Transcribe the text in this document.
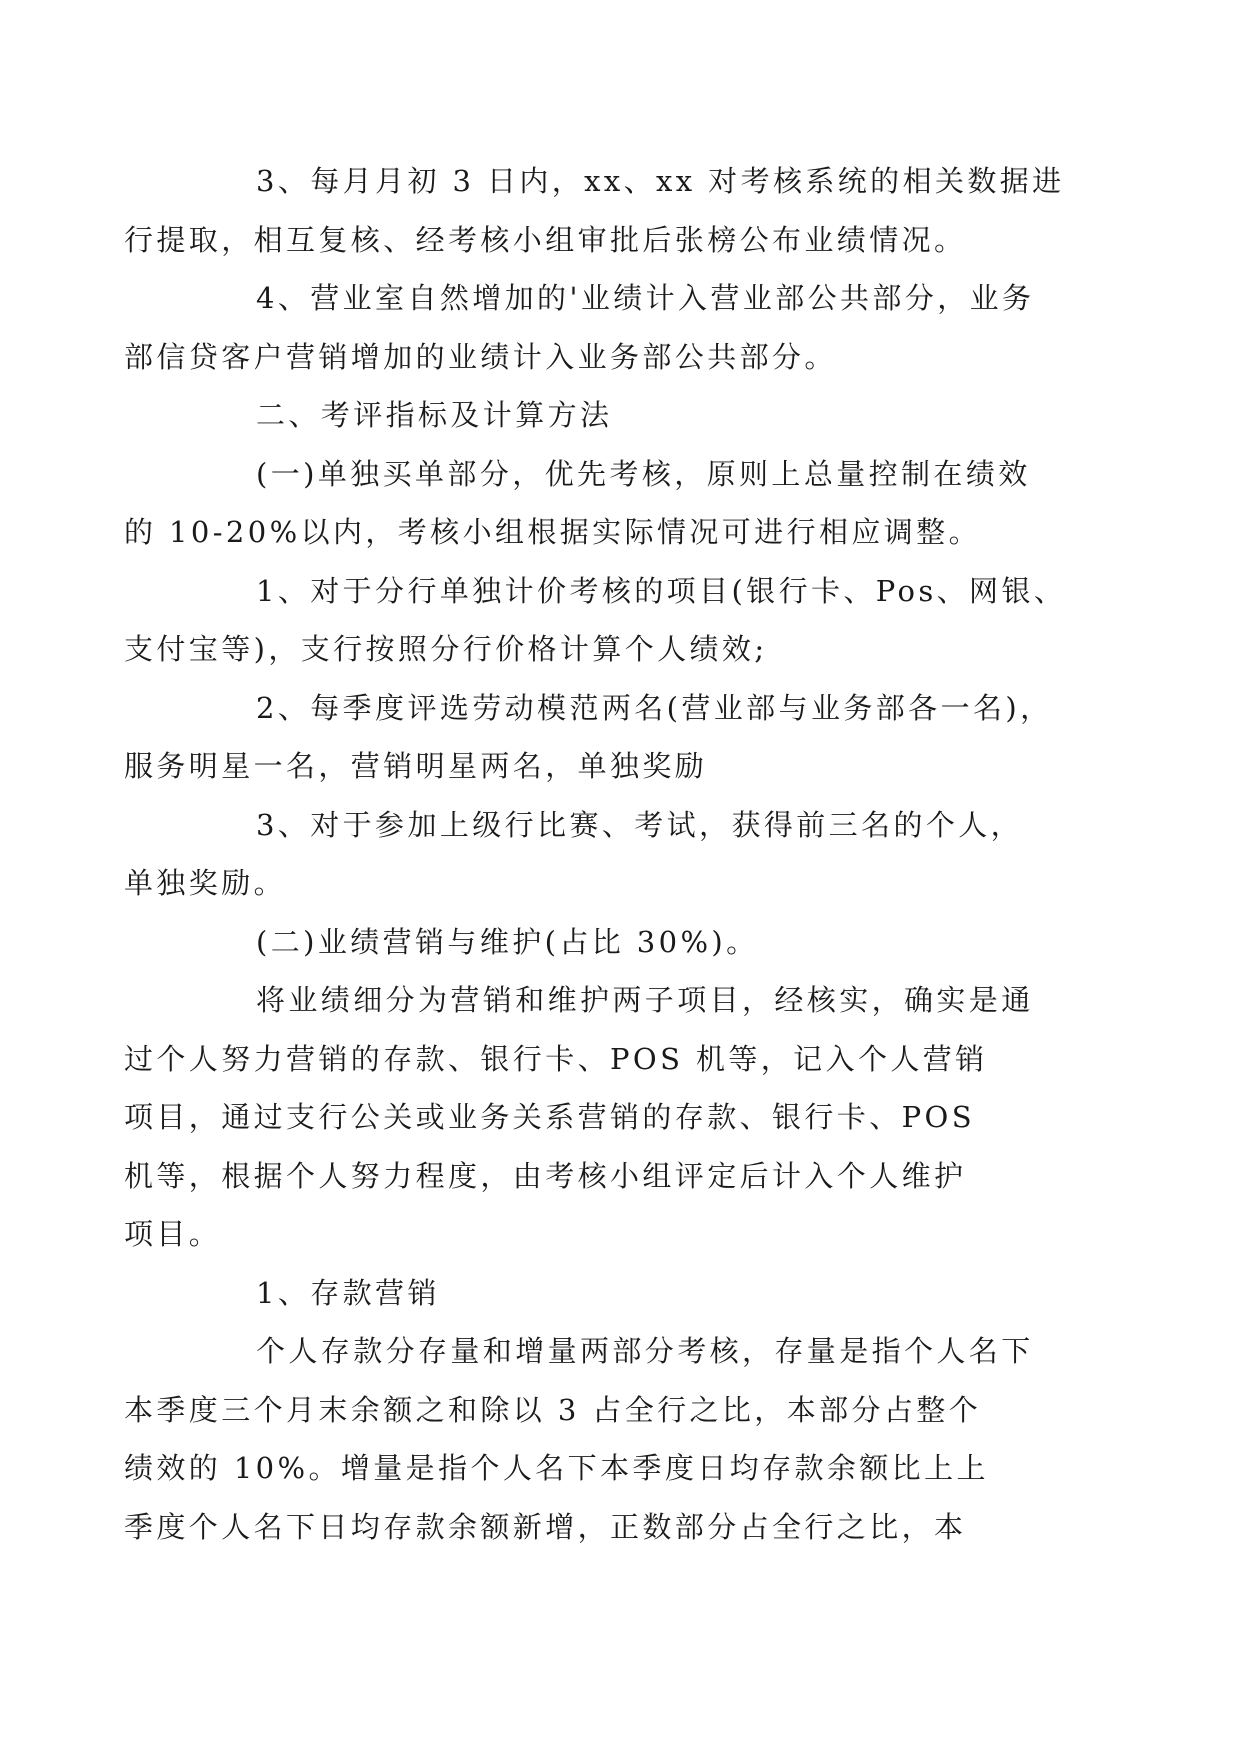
3、每月月初 3 日内，xx、xx 对考核系统的相关数据进
行提取，相互复核、经考核小组审批后张榜公布业绩情况。

4、营业室自然增加的'业绩计入营业部公共部分，业务
部信贷客户营销增加的业绩计入业务部公共部分。

二、考评指标及计算方法

(一)单独买单部分，优先考核，原则上总量控制在绩效
的 10-20%以内，考核小组根据实际情况可进行相应调整。

1、对于分行单独计价考核的项目(银行卡、Pos、网银、
支付宝等)，支行按照分行价格计算个人绩效;

2、每季度评选劳动模范两名(营业部与业务部各一名)，
服务明星一名，营销明星两名，单独奖励

3、对于参加上级行比赛、考试，获得前三名的个人，
单独奖励。

(二)业绩营销与维护(占比 30%)。

将业绩细分为营销和维护两子项目，经核实，确实是通
过个人努力营销的存款、银行卡、POS 机等，记入个人营销
项目，通过支行公关或业务关系营销的存款、银行卡、POS
机等，根据个人努力程度，由考核小组评定后计入个人维护
项目。

1、存款营销

个人存款分存量和增量两部分考核，存量是指个人名下
本季度三个月末余额之和除以 3 占全行之比，本部分占整个
绩效的 10%。增量是指个人名下本季度日均存款余额比上上
季度个人名下日均存款余额新增，正数部分占全行之比，本
